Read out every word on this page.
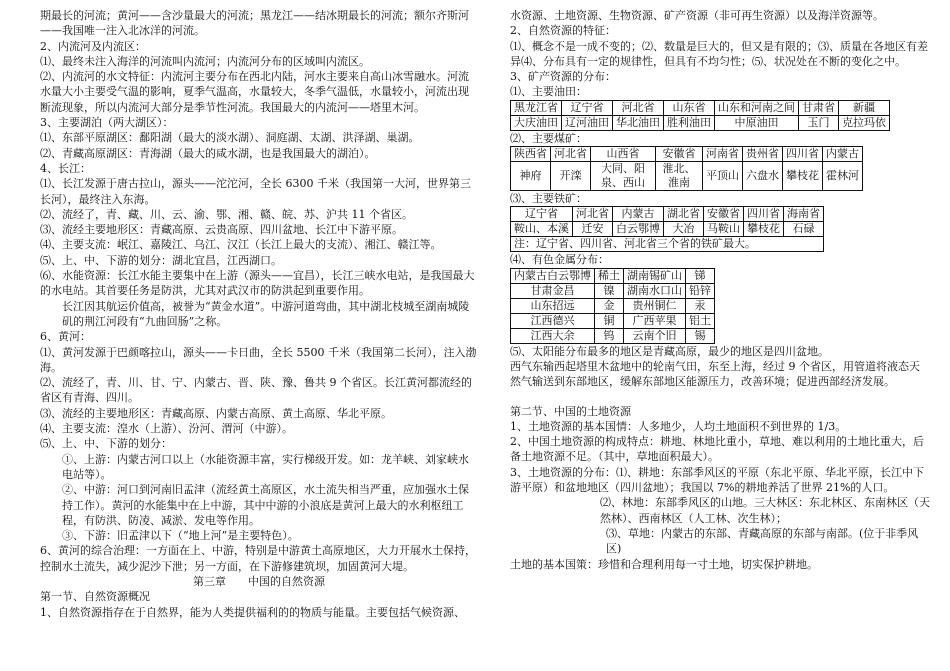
期最长的河流；黄河——含沙量最大的河流；黑龙江——结冰期最长的河流；额尔齐斯河——我国唯一注入北冰洋的河流。

2、内流河及内流区：

⑴、最终未注入海洋的河流叫内流河；内流河分布的区域叫内流区。

⑵、内流河的水文特征：内流河主要分布在西北内陆，河水主要来自高山冰雪融水。河流水量大小主要受气温的影响，夏季气温高，水量较大，冬季气温低，水量较小，河流出现断流现象，所以内流河大部分是季节性河流。我国最大的内流河——塔里木河。

3、主要湖泊（两大湖区）：

⑴、东部平原湖区：鄱阳湖（最大的淡水湖）、洞庭湖、太湖、洪泽湖、巢湖。

⑵、青藏高原湖区：青海湖（最大的咸水湖，也是我国最大的湖泊）。

4、长江：

⑴、长江发源于唐古拉山，源头——沱沱河，全长 6300 千米（我国第一大河，世界第三长河），最终注入东海。

⑵、流经了，青、藏、川、云、渝、鄂、湘、赣、皖、苏、沪共 11 个省区。

⑶、流经主要地形区：青藏高原、云贵高原、四川盆地、长江中下游平原。

⑷、主要支流：岷江、嘉陵江、乌江、汉江（长江上最大的支流）、湘江、赣江等。

⑸、上、中、下游的划分：湖北宜昌，江西湖口。

⑹、水能资源：长江水能主要集中在上游（源头——宜昌），长江三峡水电站，是我国最大的水电站。其首要任务是防洪，尤其对武汉市的防洪起到重要作用。

长江因其航运价值高，被誉为“黄金水道”。中游河道弯曲，其中湖北枝城至湖南城陵矶的荆江河段有“九曲回肠”之称。

6、黄河：

⑴、黄河发源于巴颜喀拉山，源头——卡日曲，全长 5500 千米（我国第二长河），注入渤海。

⑵、流经了，青、川、甘、宁、内蒙古、晋、陕、豫、鲁共 9 个省区。长江黄河都流经的省区有青海、四川。

⑶、流经的主要地形区：青藏高原、内蒙古高原、黄土高原、华北平原。

⑷、主要支流：湟水（上游）、汾河、渭河（中游）。

⑸、上、中、下游的划分：

①、上游：内蒙古河口以上（水能资源丰富，实行梯级开发。如：龙羊峡、刘家峡水电站等）。

②、中游：河口到河南旧孟津（流经黄土高原区，水土流失相当严重，应加强水土保持工作）。黄河的水能集中在上中游，其中中游的小浪底是黄河上最大的水利枢纽工程，有防洪、防凌、减淤、发电等作用。

③、下游：旧孟津以下（“地上河”是主要特色）。

6、黄河的综合治理：一方面在上、中游，特别是中游黄土高原地区，大力开展水土保持，控制水土流失，减少泥沙下泄；另一方面，在下游修建筑坝，加固黄河大堤。

第三章　　中国的自然资源

第一节、自然资源概况

1、自然资源指存在于自然界，能为人类提供福利的的物质与能量。主要包括气候资源、

水资源、土地资源、生物资源、矿产资源（非可再生资源）以及海洋资源等。

2、自然资源的特征：

⑴、概念不是一成不变的；⑵、数量是巨大的，但又是有限的；⑶、质量在各地区有差异⑷、分布具有一定的规律性，但具有不均匀性；⑸、状况处在不断的变化之中。

3、矿产资源的分布：

⑴、主要油田：

黑龙江省	辽宁省	河北省	山东省	山东和河南之间	甘肃省	新疆
大庆油田	辽河油田	华北油田	胜利油田	中原油田	玉门	克拉玛依

⑵、主要煤矿：

陕西省	河北省	山西省	安徽省	河南省	贵州省	四川省	内蒙古
神府	开滦	大同、阳泉、西山	淮北、淮南	平顶山	六盘水	攀枝花	霍林河

⑶、主要铁矿：

辽宁省	河北省	内蒙古	湖北省	安徽省	四川省	海南省
鞍山、本溪	迁安	白云鄂博	大冶	马鞍山	攀枝花	石碌
注：辽宁省、四川省、河北省三个省的铁矿最大。						

⑷、有色金属分布：

内蒙古白云鄂博	稀土	湖南锡矿山	锑
甘肃金昌	镍	湖南水口山	铅锌
山东招远	金	贵州铜仁	汞
江西德兴	铜	广西苹果	铝土
江西大余	钨	云南个旧	锡

⑸、太阳能分布最多的地区是青藏高原，最少的地区是四川盆地。

西气东输西起塔里木盆地中的轮南气田，东至上海，经过 9 个省区，用管道将液态天然气输送到东部地区，缓解东部地区能源压力，改善环境；促进西部经济发展。

第二节、中国的土地资源

1、土地资源的基本国情：人多地少，人均土地面积不到世界的 1/3。

2、中国土地资源的构成特点：耕地、林地比重小，草地、难以利用的土地比重大，后备土地资源不足。（其中，草地面积最大）。

3、土地资源的分布：⑴、耕地：东部季风区的平原（东北平原、华北平原，长江中下游平原）和盆地地区（四川盆地）；我国以 7%的耕地养活了世界 21%的人口。

⑵、林地：东部季风区的山地。三大林区：东北林区、东南林区（天然林）、西南林区（人工林、次生林）；

⑶、草地：内蒙古的东部、青藏高原的东部与南部。(位于非季风区)

土地的基本国策：珍惜和合理利用每一寸土地，切实保护耕地。
